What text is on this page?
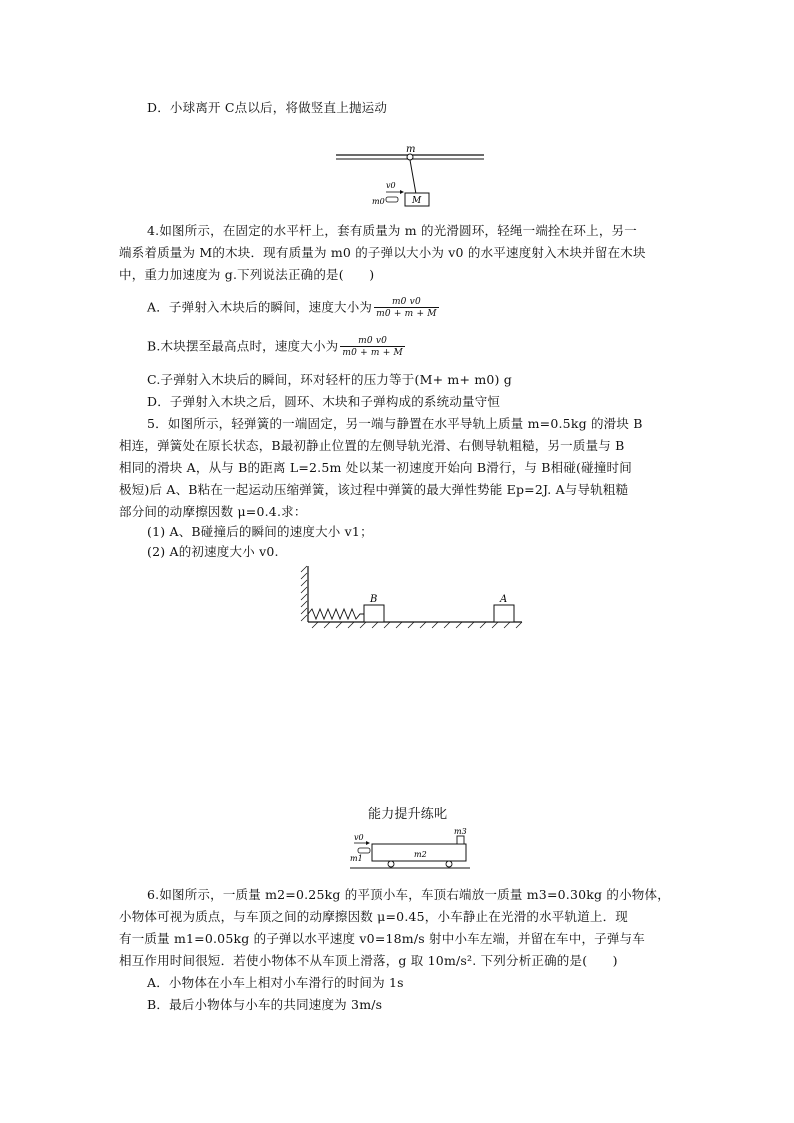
D．小球离开 C点以后，将做竖直上抛运动
m
M
v0
m0
4.如图所示，在固定的水平杆上，套有质量为 m 的光滑圆环，轻绳一端拴在环上，另一
端系着质量为 M的木块．现有质量为 m0 的子弹以大小为 v0 的水平速度射入木块并留在木块
中，重力加速度为 g.下列说法正确的是(　　)
A．子弹射入木块后的瞬间，速度大小为 $\frac{m0 v0}{m0 + m + M}$
B.木块摆至最高点时，速度大小为 $\frac{m0 v0}{m0 + m + M}$
C.子弹射入木块后的瞬间，环对轻杆的压力等于(M+ m+ m0) g
D．子弹射入木块之后，圆环、木块和子弹构成的系统动量守恒
5．如图所示，轻弹簧的一端固定，另一端与静置在水平导轨上质量 m=0.5kg 的滑块 B
相连，弹簧处在原长状态，B最初静止位置的左侧导轨光滑、右侧导轨粗糙，另一质量与 B
相同的滑块 A，从与 B的距离 L=2.5m 处以某一初速度开始向 B滑行，与 B相碰(碰撞时间
极短)后 A、B粘在一起运动压缩弹簧，该过程中弹簧的最大弹性势能 Ep=2J. A与导轨粗糙
部分间的动摩擦因数 μ=0.4.求：
(1) A、B碰撞后的瞬间的速度大小 v1；
(2) A的初速度大小 v0.
B	A
能力提升练叱
m3
m2
v0
m1
6.如图所示，一质量 m2=0.25kg 的平顶小车，车顶右端放一质量 m3=0.30kg 的小物体，
小物体可视为质点，与车顶之间的动摩擦因数 μ=0.45，小车静止在光滑的水平轨道上．现
有一质量 m1=0.05kg 的子弹以水平速度 v0=18m/s 射中小车左端，并留在车中，子弹与车
相互作用时间很短．若使小物体不从车顶上滑落，g 取 10m/s². 下列分析正确的是(　　)
A．小物体在小车上相对小车滑行的时间为 1s
B．最后小物体与小车的共同速度为 3m/s
